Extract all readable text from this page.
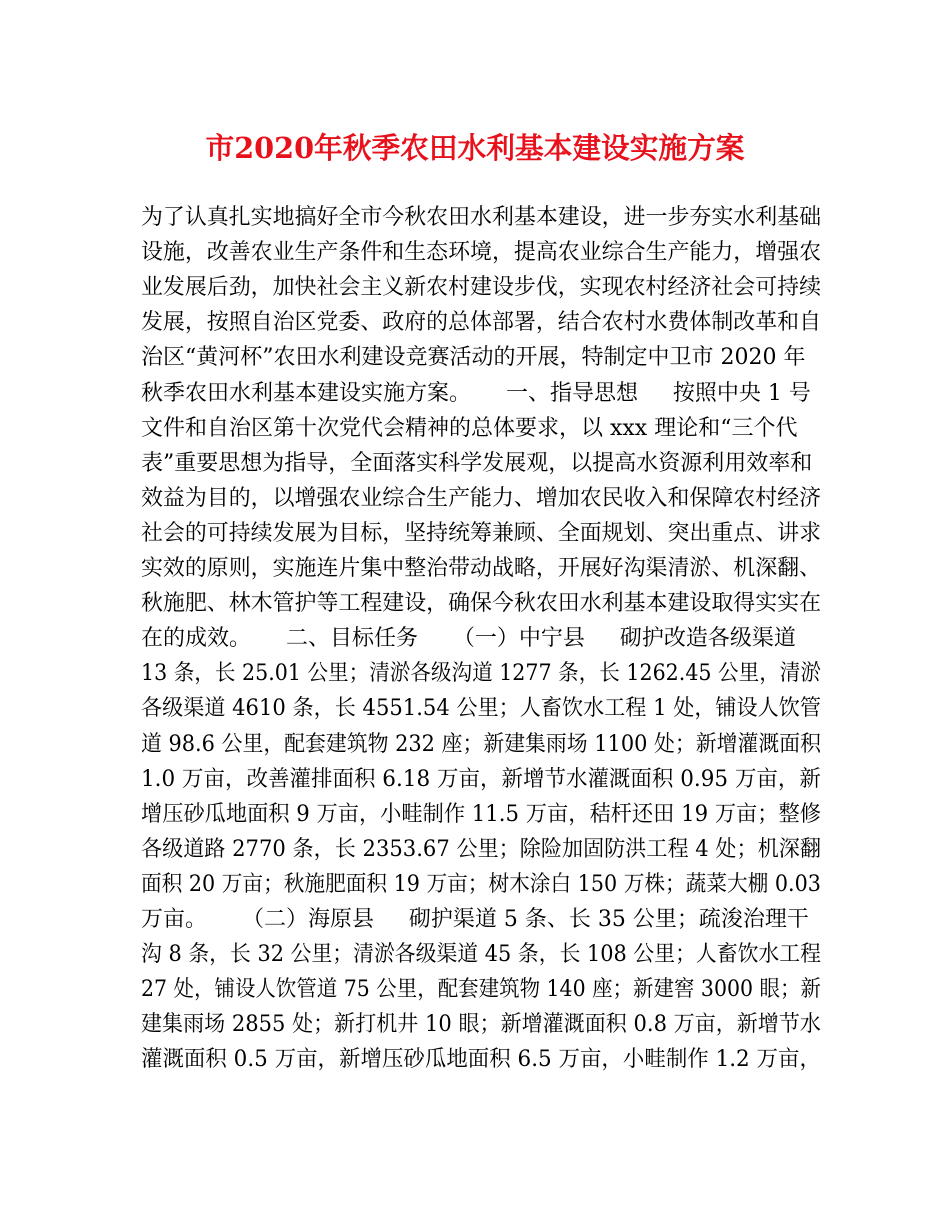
市2020年秋季农田水利基本建设实施方案
为了认真扎实地搞好全市今秋农田水利基本建设，进一步夯实水利基础
设施，改善农业生产条件和生态环境，提高农业综合生产能力，增强农
业发展后劲，加快社会主义新农村建设步伐，实现农村经济社会可持续
发展，按照自治区党委、政府的总体部署，结合农村水费体制改革和自
治区“黄河杯”农田水利建设竞赛活动的开展，特制定中卫市 2020 年
秋季农田水利基本建设实施方案。     一、指导思想     按照中央 1 号
文件和自治区第十次党代会精神的总体要求，以 xxx 理论和“三个代
表”重要思想为指导，全面落实科学发展观，以提高水资源利用效率和
效益为目的，以增强农业综合生产能力、增加农民收入和保障农村经济
社会的可持续发展为目标，坚持统筹兼顾、全面规划、突出重点、讲求
实效的原则，实施连片集中整治带动战略，开展好沟渠清淤、机深翻、
秋施肥、林木管护等工程建设，确保今秋农田水利基本建设取得实实在
在的成效。     二、目标任务     （一）中宁县     砌护改造各级渠道
13 条，长 25.01 公里；清淤各级沟道 1277 条，长 1262.45 公里，清淤
各级渠道 4610 条，长 4551.54 公里；人畜饮水工程 1 处，铺设人饮管
道 98.6 公里，配套建筑物 232 座；新建集雨场 1100 处；新增灌溉面积
1.0 万亩，改善灌排面积 6.18 万亩，新增节水灌溉面积 0.95 万亩，新
增压砂瓜地面积 9 万亩，小畦制作 11.5 万亩，秸杆还田 19 万亩；整修
各级道路 2770 条，长 2353.67 公里；除险加固防洪工程 4 处；机深翻
面积 20 万亩；秋施肥面积 19 万亩；树木涂白 150 万株；蔬菜大棚 0.03
万亩。     （二）海原县     砌护渠道 5 条、长 35 公里；疏浚治理干
沟 8 条，长 32 公里；清淤各级渠道 45 条，长 108 公里；人畜饮水工程
27 处，铺设人饮管道 75 公里，配套建筑物 140 座；新建窖 3000 眼；新
建集雨场 2855 处；新打机井 10 眼；新增灌溉面积 0.8 万亩，新增节水
灌溉面积 0.5 万亩，新增压砂瓜地面积 6.5 万亩，小畦制作 1.2 万亩，
